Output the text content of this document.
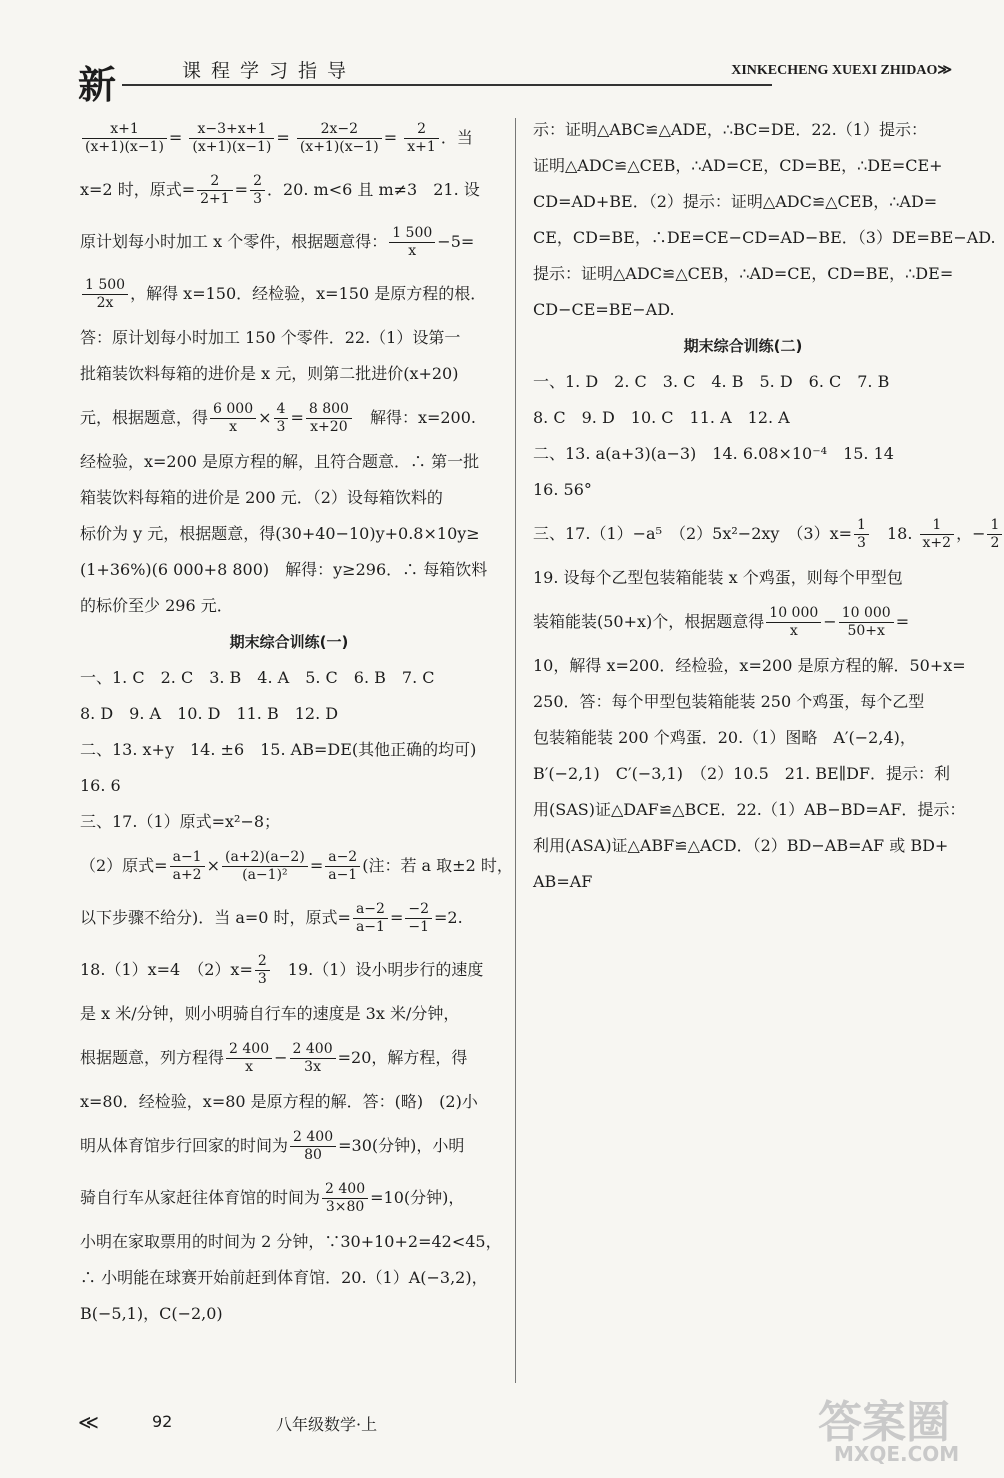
新	课程学习指导	XINKECHENG XUEXI ZHIDAO≫
$\frac{x+1}{(x+1)(x-1)} = \frac{x-3+x+1}{(x+1)(x-1)} = \frac{2x-2}{(x+1)(x-1)} = \frac{2}{x+1}$ ．当
x=2 时，原式= $\frac{2}{2+1} = \frac{2}{3}$ ．20. m<6 且 m≠3　21. 设
原计划每小时加工 x 个零件，根据题意得： $\frac{1 500}{x} -5=$
$\frac{1 500}{2x}$ ，解得 x=150．经检验，x=150 是原方程的根．
答：原计划每小时加工 150 个零件．22.（1）设第一
批箱装饮料每箱的进价是 x 元，则第二批进价(x+20)
元，根据题意，得 $\frac{6 000}{x} \times \frac{4}{3} = \frac{8 800}{x+20}$ 　解得：x=200.
经检验，x=200 是原方程的解，且符合题意．∴ 第一批
箱装饮料每箱的进价是 200 元．（2）设每箱饮料的
标价为 y 元，根据题意，得(30+40−10)y+0.8×10y≥
(1+36%)(6 000+8 800)　解得：y≥296．∴ 每箱饮料
的标价至少 296 元．
期末综合训练(一)
一、1. C　2. C　3. B　4. A　5. C　6. B　7. C
8. D　9. A　10. D　11. B　12. D
二、13. x+y　14. ±6　15. AB=DE(其他正确的均可)
16. 6
三、17.（1）原式=x²−8；
（2）原式= $\frac{a-1}{a+2} \times \frac{(a+2)(a-2)}{\text{(a−1)²}} = \frac{a-2}{a-1}$ (注：若 a 取±2 时，
以下步骤不给分)．当 a=0 时，原式= $\frac{a-2}{a-1} = \frac{-2}{-1} =2$.
18.（1）x=4　$(2)x= \frac{2}{3}$ 　19.（1）设小明步行的速度
是 x 米/分钟，则小明骑自行车的速度是 3x 米/分钟，
根据题意，列方程得 $\frac{2 400}{x} - \frac{2 400}{3x} =20$，解方程，得
x=80．经检验，x=80 是原方程的解．答：(略)　(2)小
明从体育馆步行回家的时间为 $\frac{2 400}{80} =30$(分钟)，小明
骑自行车从家赶往体育馆的时间为 $\frac{2 400}{3\times 80} =10$(分钟)，
小明在家取票用的时间为 2 分钟，∵30+10+2=42<45，
∴ 小明能在球赛开始前赶到体育馆．20.（1）A(−3,2)，
B(−5,1)，C(−2,0)
示：证明△ABC≌△ADE，∴BC=DE．22.（1）提示：
证明△ADC≌△CEB，∴AD=CE，CD=BE，∴DE=CE+
CD=AD+BE．（2）提示：证明△ADC≌△CEB，∴AD=
CE，CD=BE，∴DE=CE−CD=AD−BE．（3）DE=BE−AD.
提示：证明△ADC≌△CEB，∴AD=CE，CD=BE，∴DE=
CD−CE=BE−AD.
期末综合训练(二)
一、1. D　2. C　3. C　4. B　5. D　6. C　7. B
8. C　9. D　10. C　11. A　12. A
二、13. a(a+3)(a−3)　14. 6.08×10⁻⁴　15. 14
16. 56°
三、17.（1）−a⁵　（2）5x²−2xy　$(3)x= \frac{1}{3}$ 　18. $\frac{1}{x+2}$ ，− $\frac{1}{2}$
19. 设每个乙型包装箱能装 x 个鸡蛋，则每个甲型包
装箱能装(50+x)个，根据题意得 $\frac{10 000}{x} - \frac{10 000}{50+x}$ =
10，解得 x=200．经检验，x=200 是原方程的解．50+x=
250．答：每个甲型包装箱能装 250 个鸡蛋，每个乙型
包装箱能装 200 个鸡蛋．20.（1）图略　A′(−2,4)，
B′(−2,1)　C′(−3,1)　（2）10.5　21. BE∥DF．提示：利
用(SAS)证△DAF≌△BCE．22.（1）AB−BD=AF．提示：
利用(ASA)证△ABF≌△ACD．（2）BD−AB=AF 或 BD+
AB=AF
≪	92	八年级数学·上	答案圈
MXQE.COM
